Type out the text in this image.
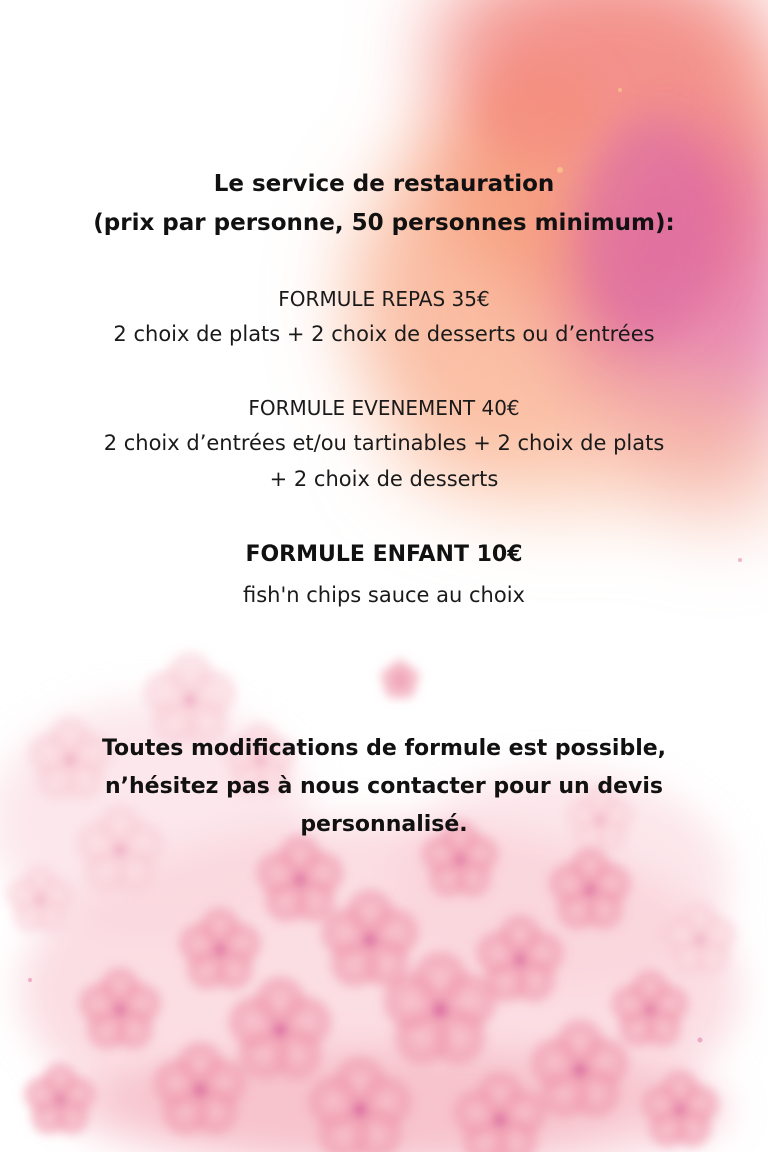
Le service de restauration
(prix par personne, 50 personnes minimum):
FORMULE REPAS 35€
2 choix de plats + 2 choix de desserts ou d’entrées
FORMULE EVENEMENT 40€
2 choix d’entrées et/ou tartinables + 2 choix de plats
+ 2 choix de desserts
FORMULE ENFANT 10€
fish'n chips sauce au choix
Toutes modifications de formule est possible,
n’hésitez pas à nous contacter pour un devis
personnalisé.
